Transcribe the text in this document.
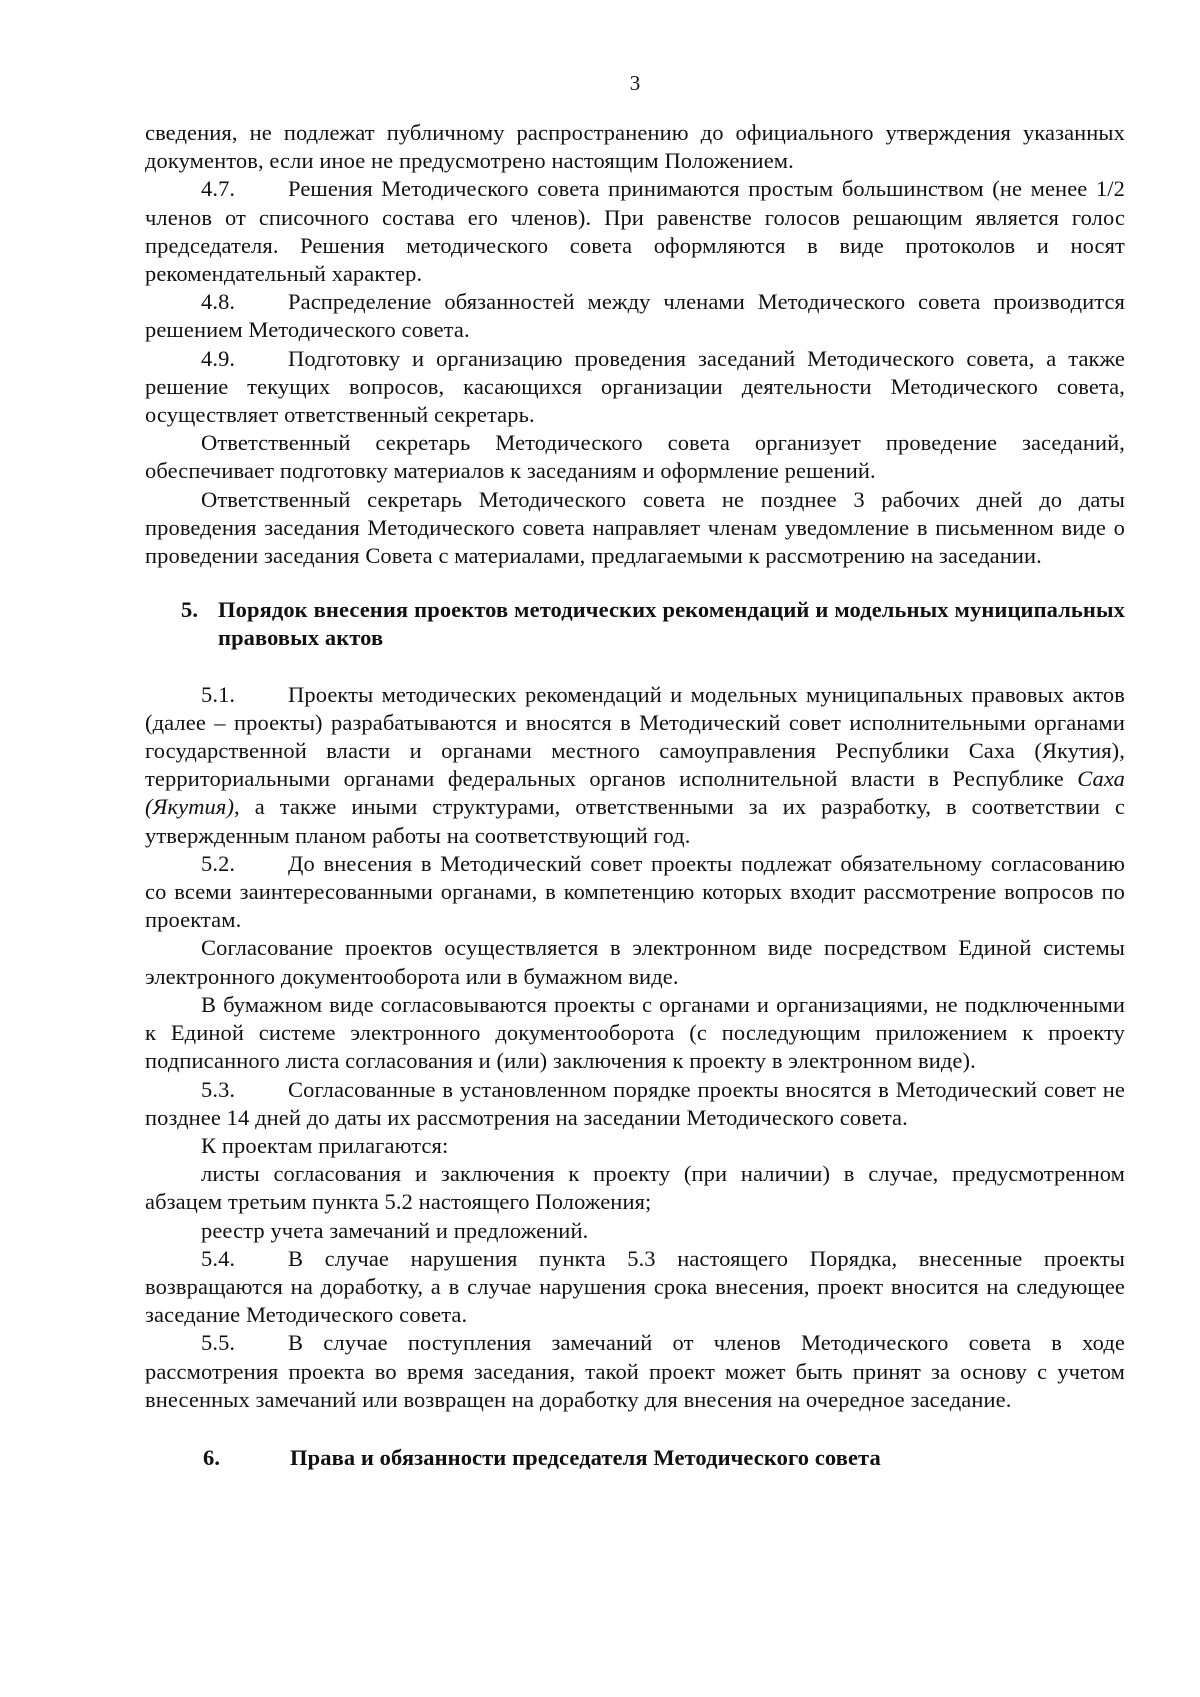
3

сведения, не подлежат публичному распространению до официального утверждения указанных документов, если иное не предусмотрено настоящим Положением.

4.7. Решения Методического совета принимаются простым большинством (не менее 1/2 членов от списочного состава его членов). При равенстве голосов решающим является голос председателя. Решения методического совета оформляются в виде протоколов и носят рекомендательный характер.

4.8. Распределение обязанностей между членами Методического совета производится решением Методического совета.

4.9. Подготовку и организацию проведения заседаний Методического совета, а также решение текущих вопросов, касающихся организации деятельности Методического совета, осуществляет ответственный секретарь.

Ответственный секретарь Методического совета организует проведение заседаний, обеспечивает подготовку материалов к заседаниям и оформление решений.

Ответственный секретарь Методического совета не позднее 3 рабочих дней до даты проведения заседания Методического совета направляет членам уведомление в письменном виде о проведении заседания Совета с материалами, предлагаемыми к рассмотрению на заседании.

5. Порядок внесения проектов методических рекомендаций и модельных муниципальных правовых актов

5.1. Проекты методических рекомендаций и модельных муниципальных правовых актов (далее – проекты) разрабатываются и вносятся в Методический совет исполнительными органами государственной власти и органами местного самоуправления Республики Саха (Якутия), территориальными органами федеральных органов исполнительной власти в Республике Саха (Якутия), а также иными структурами, ответственными за их разработку, в соответствии с утвержденным планом работы на соответствующий год.

5.2. До внесения в Методический совет проекты подлежат обязательному согласованию со всеми заинтересованными органами, в компетенцию которых входит рассмотрение вопросов по проектам.

Согласование проектов осуществляется в электронном виде посредством Единой системы электронного документооборота или в бумажном виде.

В бумажном виде согласовываются проекты с органами и организациями, не подключенными к Единой системе электронного документооборота (с последующим приложением к проекту подписанного листа согласования и (или) заключения к проекту в электронном виде).

5.3. Согласованные в установленном порядке проекты вносятся в Методический совет не позднее 14 дней до даты их рассмотрения на заседании Методического совета.

К проектам прилагаются:

листы согласования и заключения к проекту (при наличии) в случае, предусмотренном абзацем третьим пункта 5.2 настоящего Положения;

реестр учета замечаний и предложений.

5.4. В случае нарушения пункта 5.3 настоящего Порядка, внесенные проекты возвращаются на доработку, а в случае нарушения срока внесения, проект вносится на следующее заседание Методического совета.

5.5. В случае поступления замечаний от членов Методического совета в ходе рассмотрения проекта во время заседания, такой проект может быть принят за основу с учетом внесенных замечаний или возвращен на доработку для внесения на очередное заседание.

6.	Права и обязанности председателя Методического совета
